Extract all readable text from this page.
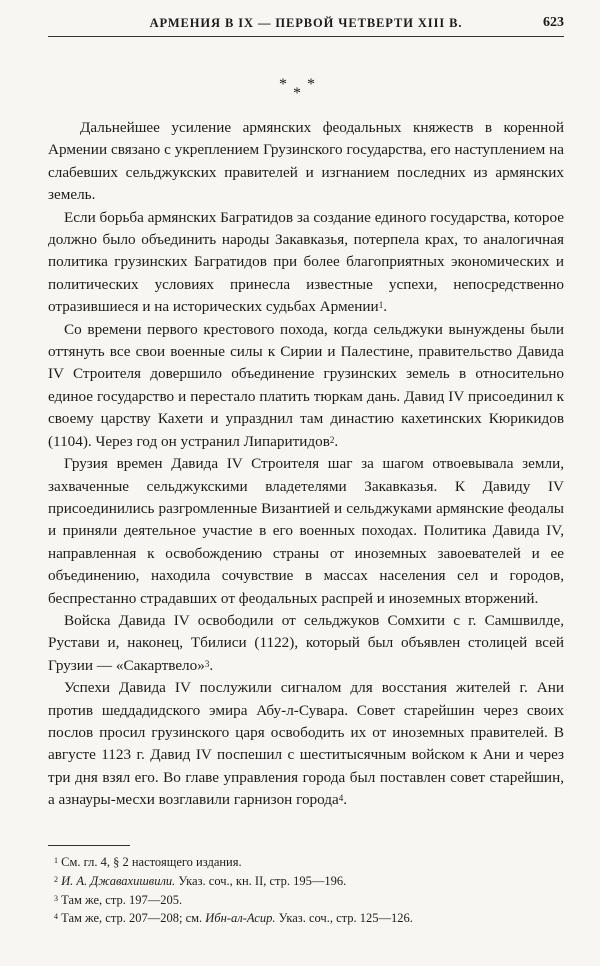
АРМЕНИЯ В IX — ПЕРВОЙ ЧЕТВЕРТИ XIII В.	623
***

Дальнейшее усиление армянских феодальных княжеств в коренной Армении связано с укреплением Грузинского государства, его наступлением на слабевших сельджукских правителей и изгнанием последних из армянских земель.

Если борьба армянских Багратидов за создание единого государства, которое должно было объединить народы Закавказья, потерпела крах, то аналогичная политика грузинских Багратидов при более благоприятных экономических и политических условиях принесла известные успехи, непосредственно отразившиеся и на исторических судьбах Армении$^1$.

Со времени первого крестового похода, когда сельджуки вынуждены были оттянуть все свои военные силы к Сирии и Палестине, правительство Давида IV Строителя довершило объединение грузинских земель в относительно единое государство и перестало платить тюркам дань. Давид IV присоединил к своему царству Кахети и упразднил там династию кахетинских Кюрикидов (1104). Через год он устранил Липаритидов$^2$.

Грузия времен Давида IV Строителя шаг за шагом отвоевывала земли, захваченные сельджукскими владетелями Закавказья. К Давиду IV присоединились разгромленные Византией и сельджуками армянские феодалы и приняли деятельное участие в его военных походах. Политика Давида IV, направленная к освобождению страны от иноземных завоевателей и ее объединению, находила сочувствие в массах населения сел и городов, беспрестанно страдавших от феодальных распрей и иноземных вторжений.

Войска Давида IV освободили от сельджуков Сомхити с г. Самшвилде, Рустави и, наконец, Тбилиси (1122), который был объявлен столицей всей Грузии — «Сакартвело»$^3$.

Успехи Давида IV послужили сигналом для восстания жителей г. Ани против шеддадидского эмира Абу-л-Сувара. Совет старейшин через своих послов просил грузинского царя освободить их от иноземных правителей. В августе 1123 г. Давид IV поспешил с шеститысячным войском к Ани и через три дня взял его. Во главе управления города был поставлен совет старейшин, а азнауры-месхи возглавили гарнизон города$^4$.

$^1$ См. гл. 4, § 2 настоящего издания.
$^2$ И. А. Джавахишвили. Указ. соч., кн. II, стр. 195—196.
$^3$ Там же, стр. 197—205.
$^4$ Там же, стр. 207—208; см. Ибн-ал-Асир. Указ. соч., стр. 125—126.
